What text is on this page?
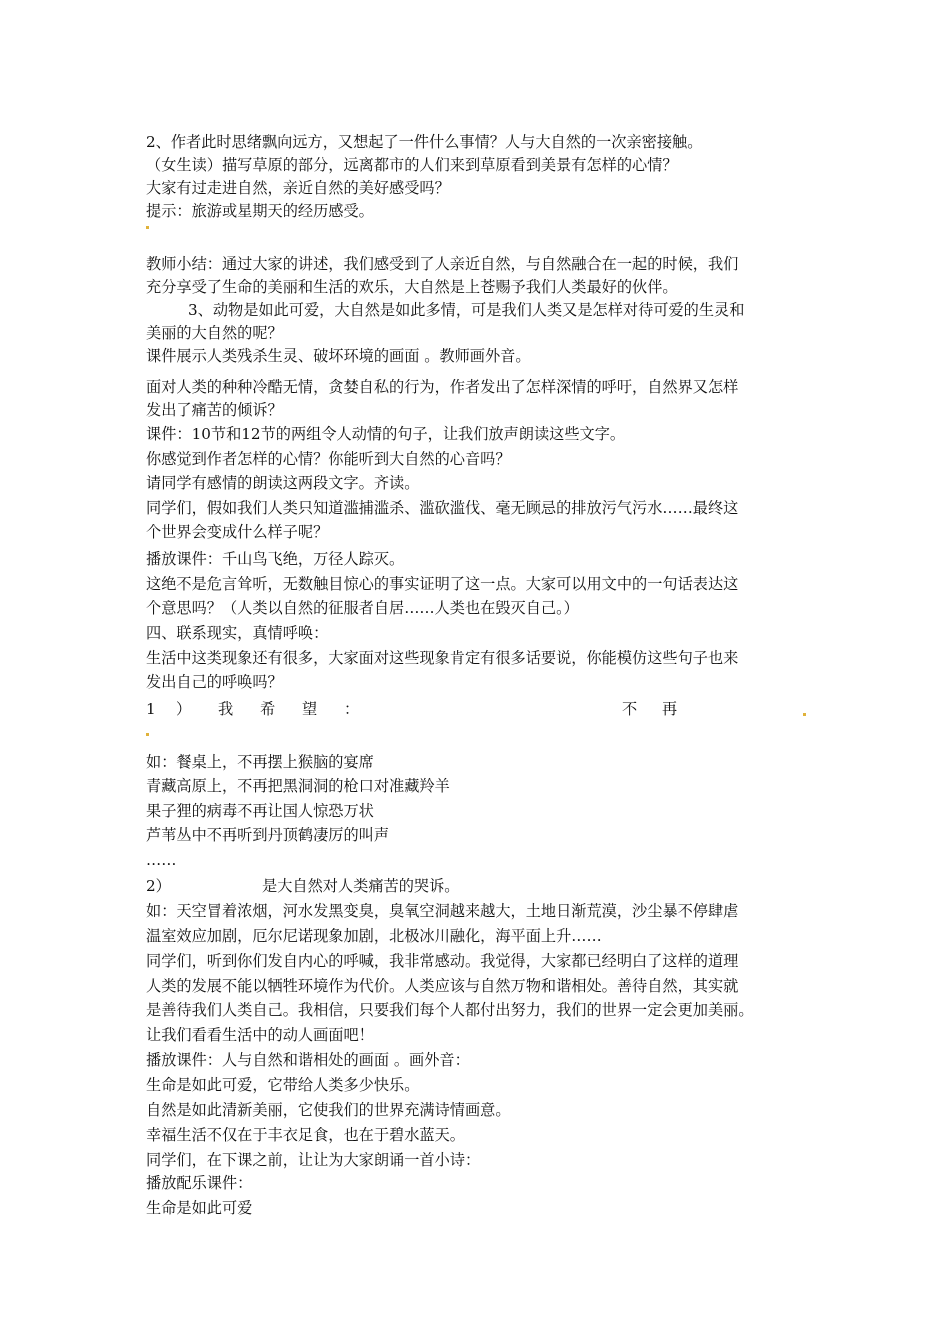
2、作者此时思绪飘向远方，又想起了一件什么事情？人与大自然的一次亲密接触。
（女生读）描写草原的部分，远离都市的人们来到草原看到美景有怎样的心情？
大家有过走进自然，亲近自然的美好感受吗？
提示：旅游或星期天的经历感受。
教师小结：通过大家的讲述，我们感受到了人亲近自然，与自然融合在一起的时候，我们
充分享受了生命的美丽和生活的欢乐，大自然是上苍赐予我们人类最好的伙伴。
3、动物是如此可爱，大自然是如此多情，可是我们人类又是怎样对待可爱的生灵和
美丽的大自然的呢？
课件展示人类残杀生灵、破坏环境的画面 。教师画外音。
面对人类的种种冷酷无情，贪婪自私的行为，作者发出了怎样深情的呼吁，自然界又怎样
发出了痛苦的倾诉？
课件：10节和12节的两组令人动情的句子，让我们放声朗读这些文字。
你感觉到作者怎样的心情？你能听到大自然的心音吗？
请同学有感情的朗读这两段文字。齐读。
同学们，假如我们人类只知道滥捕滥杀、滥砍滥伐、毫无顾忌的排放污气污水……最终这
个世界会变成什么样子呢？
播放课件：千山鸟飞绝，万径人踪灭。
这绝不是危言耸听，无数触目惊心的事实证明了这一点。大家可以用文中的一句话表达这
个意思吗？（人类以自然的征服者自居……人类也在毁灭自己。）
四、联系现实，真情呼唤：
生活中这类现象还有很多，大家面对这些现象肯定有很多话要说，你能模仿这些句子也来
发出自己的呼唤吗？
1 ） 我 希 望 ：	不 再
如：餐桌上，不再摆上猴脑的宴席
青藏高原上，不再把黑洞洞的枪口对准藏羚羊
果子狸的病毒不再让国人惊恐万状
芦苇丛中不再听到丹顶鹤凄厉的叫声
……
2）	是大自然对人类痛苦的哭诉。
如：天空冒着浓烟，河水发黑变臭，臭氧空洞越来越大，土地日渐荒漠，沙尘暴不停肆虐
温室效应加剧，厄尔尼诺现象加剧，北极冰川融化，海平面上升……
同学们，听到你们发自内心的呼喊，我非常感动。我觉得，大家都已经明白了这样的道理
人类的发展不能以牺牲环境作为代价。人类应该与自然万物和谐相处。善待自然，其实就
是善待我们人类自己。我相信，只要我们每个人都付出努力，我们的世界一定会更加美丽。
让我们看看生活中的动人画面吧！
播放课件：人与自然和谐相处的画面 。画外音：
生命是如此可爱，它带给人类多少快乐。
自然是如此清新美丽，它使我们的世界充满诗情画意。
幸福生活不仅在于丰衣足食，也在于碧水蓝天。
同学们，在下课之前，让让为大家朗诵一首小诗：
播放配乐课件：
生命是如此可爱
